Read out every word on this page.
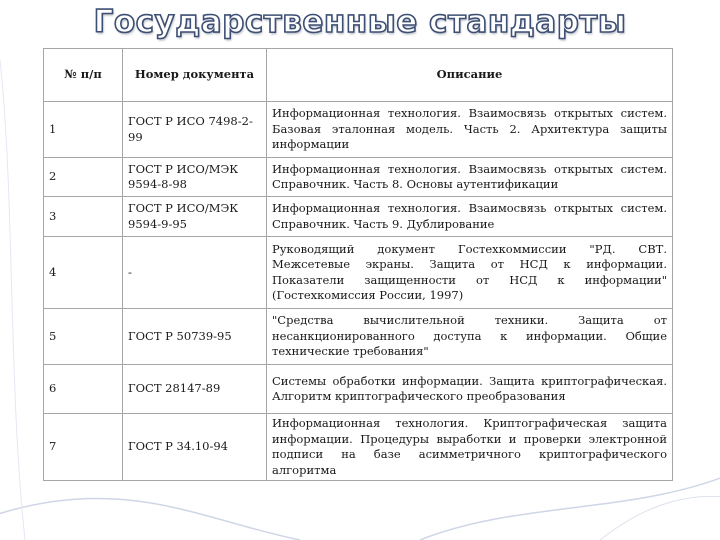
Государственные стандарты
№ п/п	Номер документа	Описание
1	ГОСТ Р ИСО 7498-2-99	Информационная технология. Взаимосвязь открытых систем. Базовая эталонная модель. Часть 2. Архитектура защиты информации
2	ГОСТ Р ИСО/МЭК 9594-8-98	Информационная технология. Взаимосвязь открытых систем. Справочник. Часть 8. Основы аутентификации
3	ГОСТ Р ИСО/МЭК 9594-9-95	Информационная технология. Взаимосвязь открытых систем. Справочник. Часть 9. Дублирование
4	-	Руководящий документ Гостехкоммиссии "РД. СВТ. Межсетевые экраны. Защита от НСД к информации. Показатели защищенности от НСД к информации" (Гостехкомиссия России, 1997)
5	ГОСТ Р 50739-95	"Средства вычислительной техники. Защита от несанкционированного доступа к информации. Общие технические требования"
6	ГОСТ 28147-89	Системы обработки информации. Защита криптографическая. Алгоритм криптографического преобразования
7	ГОСТ Р 34.10-94	Информационная технология. Криптографическая защита информации. Процедуры выработки и проверки электронной подписи на базе асимметричного криптографического алгоритма
